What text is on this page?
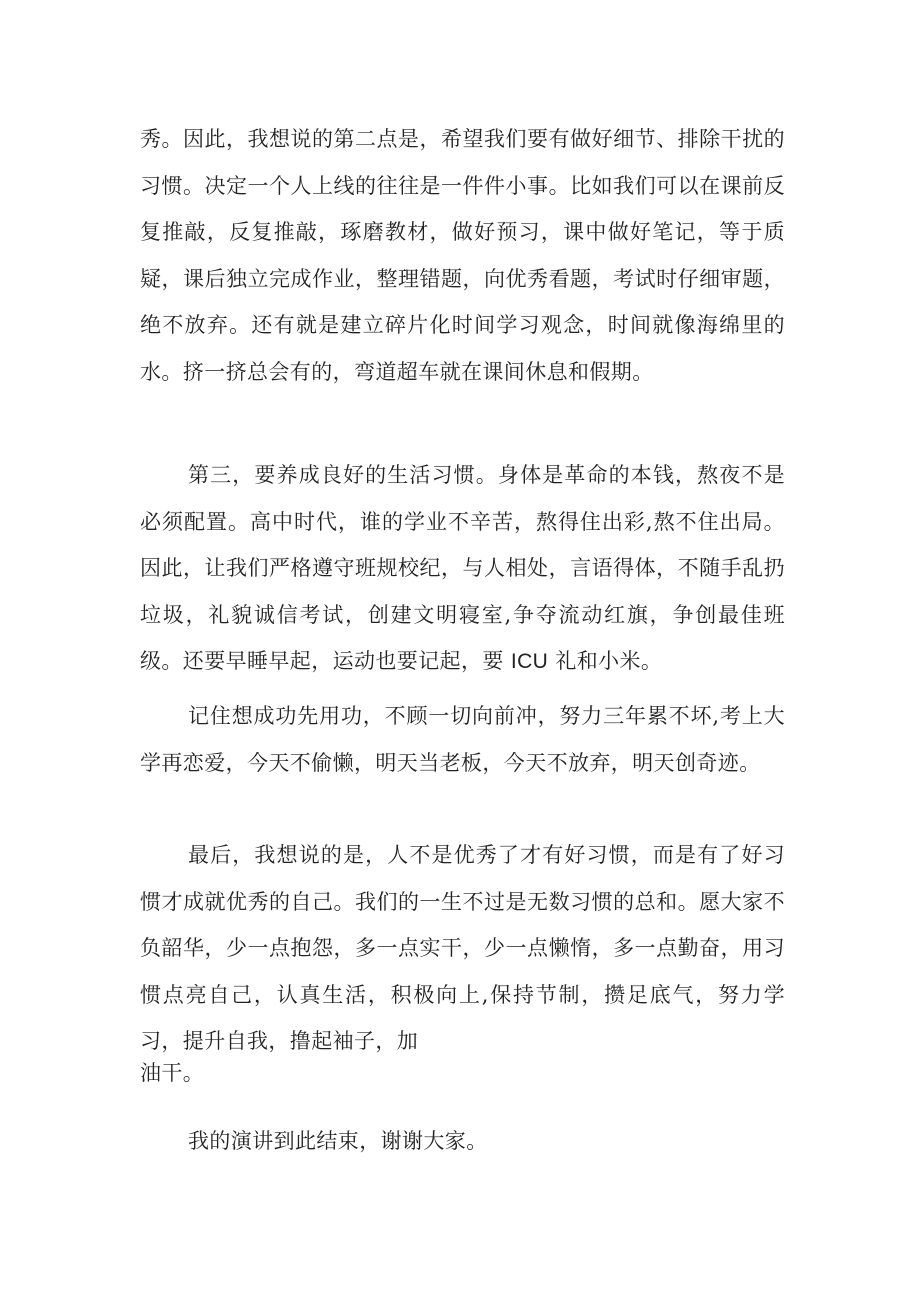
秀。因此，我想说的第二点是，希望我们要有做好细节、排除干扰的习惯。决定一个人上线的往往是一件件小事。比如我们可以在课前反复推敲，反复推敲，琢磨教材，做好预习，课中做好笔记，等于质疑，课后独立完成作业，整理错题，向优秀看题，考试时仔细审题，绝不放弃。还有就是建立碎片化时间学习观念，时间就像海绵里的水。挤一挤总会有的，弯道超车就在课间休息和假期。

第三，要养成良好的生活习惯。身体是革命的本钱，熬夜不是必须配置。高中时代，谁的学业不辛苦，熬得住出彩,熬不住出局。因此，让我们严格遵守班规校纪，与人相处，言语得体，不随手乱扔垃圾，礼貌诚信考试，创建文明寝室,争夺流动红旗，争创最佳班级。还要早睡早起，运动也要记起，要 ICU 礼和小米。

记住想成功先用功，不顾一切向前冲，努力三年累不坏,考上大学再恋爱，今天不偷懒，明天当老板，今天不放弃，明天创奇迹。

最后，我想说的是，人不是优秀了才有好习惯，而是有了好习惯才成就优秀的自己。我们的一生不过是无数习惯的总和。愿大家不负韶华，少一点抱怨，多一点实干，少一点懒惰，多一点勤奋，用习惯点亮自己，认真生活，积极向上,保持节制，攒足底气，努力学习，提升自我，撸起袖子，加

油干。

我的演讲到此结束，谢谢大家。
